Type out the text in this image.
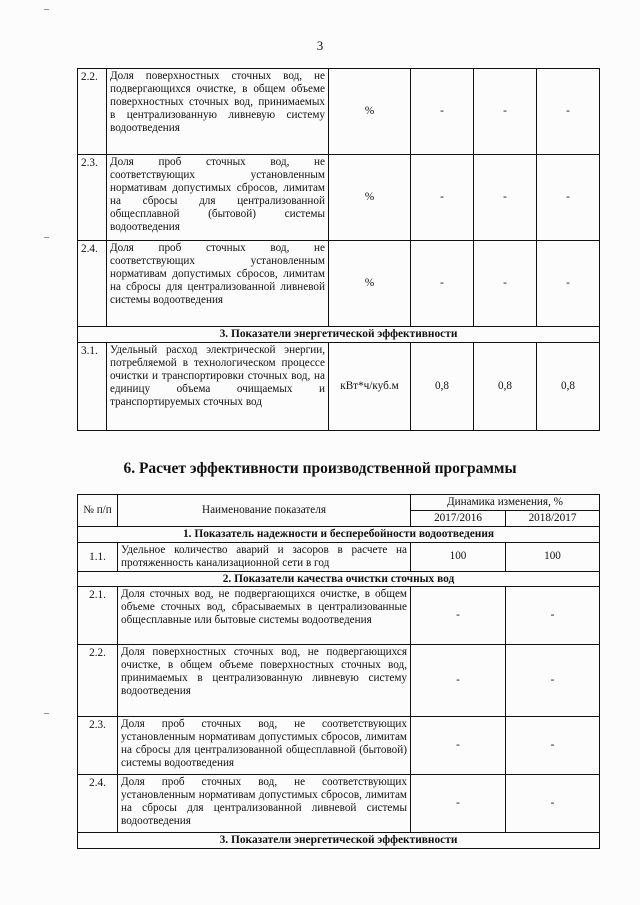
3
‒
‒
‒
2.2.	Доля поверхностных сточных вод, не подвергающихся очистке, в общем объеме поверхностных сточных вод, принимаемых в централизованную ливневую систему водоотведения	%	-	-	-
2.3.	Доля проб сточных вод, не соответствующих установленным нормативам допустимых сбросов, лимитам на сбросы для централизованной общесплавной (бытовой) системы водоотведения	%	-	-	-
2.4.	Доля проб сточных вод, не соответствующих установленным нормативам допустимых сбросов, лимитам на сбросы для централизованной ливневой системы водоотведения	%	-	-	-
3. Показатели энергетической эффективности					
3.1.	Удельный расход электрической энергии, потребляемой в технологическом процессе очистки и транспортировки сточных вод, на единицу объема очищаемых и транспортируемых сточных вод	кВт*ч/куб.м	0,8	0,8	0,8
6. Расчет эффективности производственной программы
№ п/п	Наименование показателя	Динамика изменения, %	
		2017/2016	2018/2017
1. Показатель надежности и бесперебойности водоотведения			
1.1.	Удельное количество аварий и засоров в расчете на протяженность канализационной сети в год	100	100
2. Показатели качества очистки сточных вод			
2.1.	Доля сточных вод, не подвергающихся очистке, в общем объеме сточных вод, сбрасываемых в централизованные общесплавные или бытовые системы водоотведения	-	-
2.2.	Доля поверхностных сточных вод, не подвергающихся очистке, в общем объеме поверхностных сточных вод, принимаемых в централизованную ливневую систему водоотведения	-	-
2.3.	Доля проб сточных вод, не соответствующих установленным нормативам допустимых сбросов, лимитам на сбросы для централизованной общесплавной (бытовой) системы водоотведения	-	-
2.4.	Доля проб сточных вод, не соответствующих установленным нормативам допустимых сбросов, лимитам на сбросы для централизованной ливневой системы водоотведения	-	-
3. Показатели энергетической эффективности			
